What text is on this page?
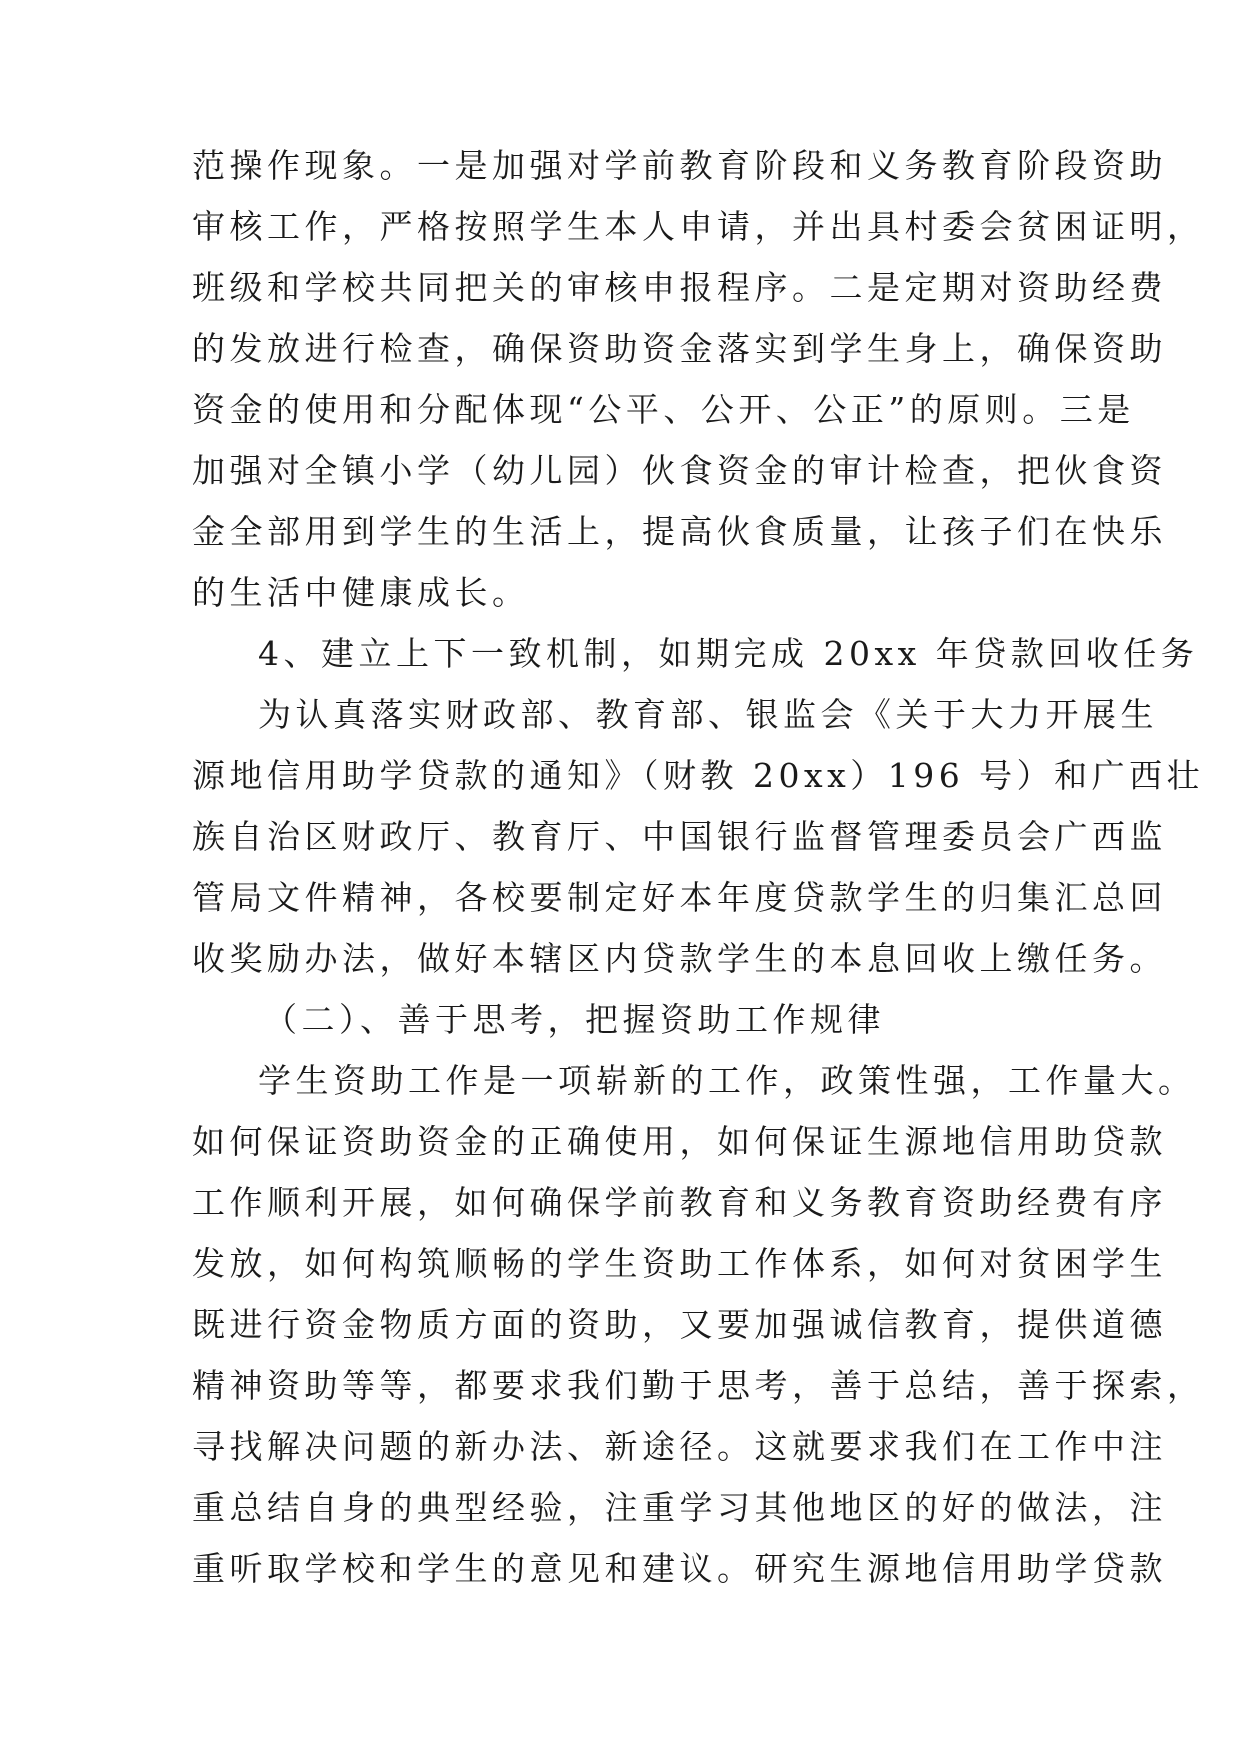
范操作现象。一是加强对学前教育阶段和义务教育阶段资助
审核工作，严格按照学生本人申请，并出具村委会贫困证明，
班级和学校共同把关的审核申报程序。二是定期对资助经费
的发放进行检查，确保资助资金落实到学生身上，确保资助
资金的使用和分配体现“公平、公开、公正”的原则。三是
加强对全镇小学（幼儿园）伙食资金的审计检查，把伙食资
金全部用到学生的生活上，提高伙食质量，让孩子们在快乐
的生活中健康成长。
4、建立上下一致机制，如期完成 20xx 年贷款回收任务
为认真落实财政部、教育部、银监会《关于大力开展生
源地信用助学贷款的通知》（财教 20xx）196 号）和广西壮
族自治区财政厅、教育厅、中国银行监督管理委员会广西监
管局文件精神，各校要制定好本年度贷款学生的归集汇总回
收奖励办法，做好本辖区内贷款学生的本息回收上缴任务。
（二）、善于思考，把握资助工作规律
学生资助工作是一项崭新的工作，政策性强，工作量大。
如何保证资助资金的正确使用，如何保证生源地信用助贷款
工作顺利开展，如何确保学前教育和义务教育资助经费有序
发放，如何构筑顺畅的学生资助工作体系，如何对贫困学生
既进行资金物质方面的资助，又要加强诚信教育，提供道德
精神资助等等，都要求我们勤于思考，善于总结，善于探索，
寻找解决问题的新办法、新途径。这就要求我们在工作中注
重总结自身的典型经验，注重学习其他地区的好的做法，注
重听取学校和学生的意见和建议。研究生源地信用助学贷款
